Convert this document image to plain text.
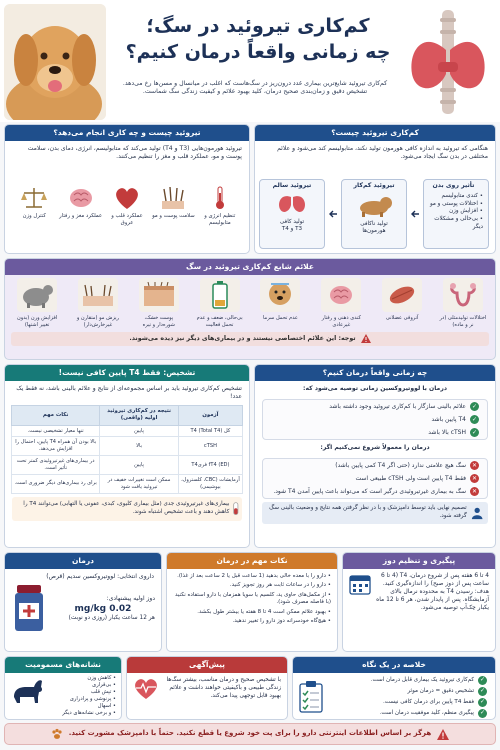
کم‌کاری تیروئید در سگ؛
چه زمانی واقعاً درمان کنیم؟
کم‌کاری تیروئید شایع‌ترین بیماری غدد درون‌ریز در سگ‌هاست که اغلب در میانسال و مسن‌ها رخ می‌دهد.
تشخیص دقیق و زمان‌بندی صحیح درمان، کلید بهبود علائم و کیفیت زندگی سگ شماست.
تیروئید چیست و چه کاری انجام می‌دهد؟
تیروئید هورمون‌هایی (T3 و T4) تولید می‌کند که متابولیسم، انرژی، دمای بدن، سلامت پوست و مو، عملکرد قلب و مغز را تنظیم می‌کنند.
تنظیم انرژی و متابولیسم
سلامت پوست و مو
عملکرد قلب و عروق
عملکرد مغز و رفتار
کنترل وزن
کم‌کاری تیروئید چیست؟
هنگامی که تیروئید به اندازه کافی هورمون تولید نکند، متابولیسم کند می‌شود و علائم مختلفی در بدن سگ ایجاد می‌شود.
تأثیر روی بدن
• کندی متابولیسم
• اختلالات پوستی و مو
• افزایش وزن
• بی‌حالی و مشکلات دیگر
تیروئید کم‌کار
تولید ناکافی
هورمون‌ها
تیروئید سالم
تولید کافی
T3 و T4
علائم شایع کم‌کاری تیروئید در سگ
اختلالات تولیدمثلی (در نر و ماده)
آتروفی عضلانی
کندی ذهنی و رفتار غیرعادی
عدم تحمل سرما
بی‌حالی، ضعف و عدم تحمل فعالیت
پوست خشک، شوره‌دار و تیره
ریزش مو (متقارن و غیرخارش‌دار)
افزایش وزن (بدون تغییر اشتها)
توجه: این علائم اختصاصی نیستند و در بیماری‌های دیگر نیز دیده می‌شوند.
تشخیص: فقط T4 پایین کافی نیست!
تشخیص کم‌کاری تیروئید باید بر اساس مجموعه‌ای از نتایج و علائم بالینی باشد، نه فقط یک عدد!
آزمون	نتیجه در کم‌کاری تیروئید اولیه (واقعی)	نکات مهم
کل T4 (Total T4)	پایین	تنها معیار تشخیصی نیست.
cTSH	بالا	بالا بودن آن همراه T4 پایین، احتمال را افزایش می‌دهد.
fT4 (ED) فری‌T4	پایین	در بیماری‌های غیرتیروئیدی کمتر تحت تأثیر است.
آزمایشات (CBC، کلسترول، بیوشیمی)	ممکن است تغییرات خفیف در تیروئید یافت شود	برای رد بیماری‌های دیگر ضروری است.
بیماری‌های غیرتیروئیدی جدی (مثل بیماری کلیوی، کبدی، عفونی یا التهابی) می‌توانند T4 را کاهش دهند و باعث تشخیص اشتباه شوند.
چه زمانی واقعاً درمان کنیم؟
درمان با لووتیروکسین زمانی توصیه می‌شود که:
✓
علائم بالینی سازگار با کم‌کاری تیروئید وجود داشته باشد
✓
T4 پایین باشد
✓
cTSH بالا باشد
درمان را معمولاً شروع نمی‌کنیم اگر:
✕
سگ هیچ علامتی ندارد (حتی اگر T4 کمی پایین باشد)
✕
فقط T4 پایین است ولی cTSH طبیعی است
✕
سگ به بیماری غیرتیروئیدی درگیر است که می‌تواند باعث پایین آمدن T4 شود.
تصمیم نهایی باید توسط دامپزشک و با در نظر گرفتن همه نتایج و وضعیت بالینی سگ گرفته شود.
درمان
داروی انتخابی: لووتیروکسین سدیم (قرص)
دوز اولیه پیشنهادی:
0.02 mg/kg
هر 12 ساعت یکبار (روزی دو نوبت)
نکات مهم در درمان
• دارو را با معده خالی بدهید (1 ساعت قبل یا 2 ساعت بعد از غذا).
• دارو را در ساعات ثابت هر روز تجویز کنید.
• از مکمل‌های حاوی ید، کلسیم یا سویا همزمان با دارو استفاده نکنید (با فاصله مصرف شود).
• بهبود علائم ممکن است 4 تا 8 هفته یا بیشتر طول بکشد.
• هیچ‌گاه خودسرانه دوز دارو را تغییر ندهید.
پیگیری و تنظیم دوز
4 تا 6 هفته پس از شروع درمان، T4 (4 تا 6 ساعت پس از دوز صبح) را اندازه‌گیری کنید. هدف: رسیدن T4 به محدوده نرمال بالای آزمایشگاه. پس از پایدار شدن، هر 6 تا 12 ماه یکبار چک‌آپ توصیه می‌شود.
نشانه‌های مسمومیت
• کاهش وزن
• بی‌قراری
• تپش قلب
• پرنوشی و پرادراری
• اسهال
• و برخی نشانه‌های دیگر
پیش‌آگهی
با تشخیص صحیح و درمان مناسب، بیشتر سگ‌ها زندگی طبیعی و باکیفیتی خواهند داشت و علائم بهبود قابل توجهی پیدا می‌کند.
خلاصه در یک نگاه
✓
کم‌کاری تیروئید یک بیماری قابل درمان است.
✓
تشخیص دقیق = درمان موثر
✓
فقط T4 پایین برای درمان کافی نیست.
✓
پیگیری منظم، کلید موفقیت درمان است.
هرگز بر اساس اطلاعات اینترنتی دارو را برای پت خود شروع یا قطع نکنید. حتماً با دامپزشک مشورت کنید.
